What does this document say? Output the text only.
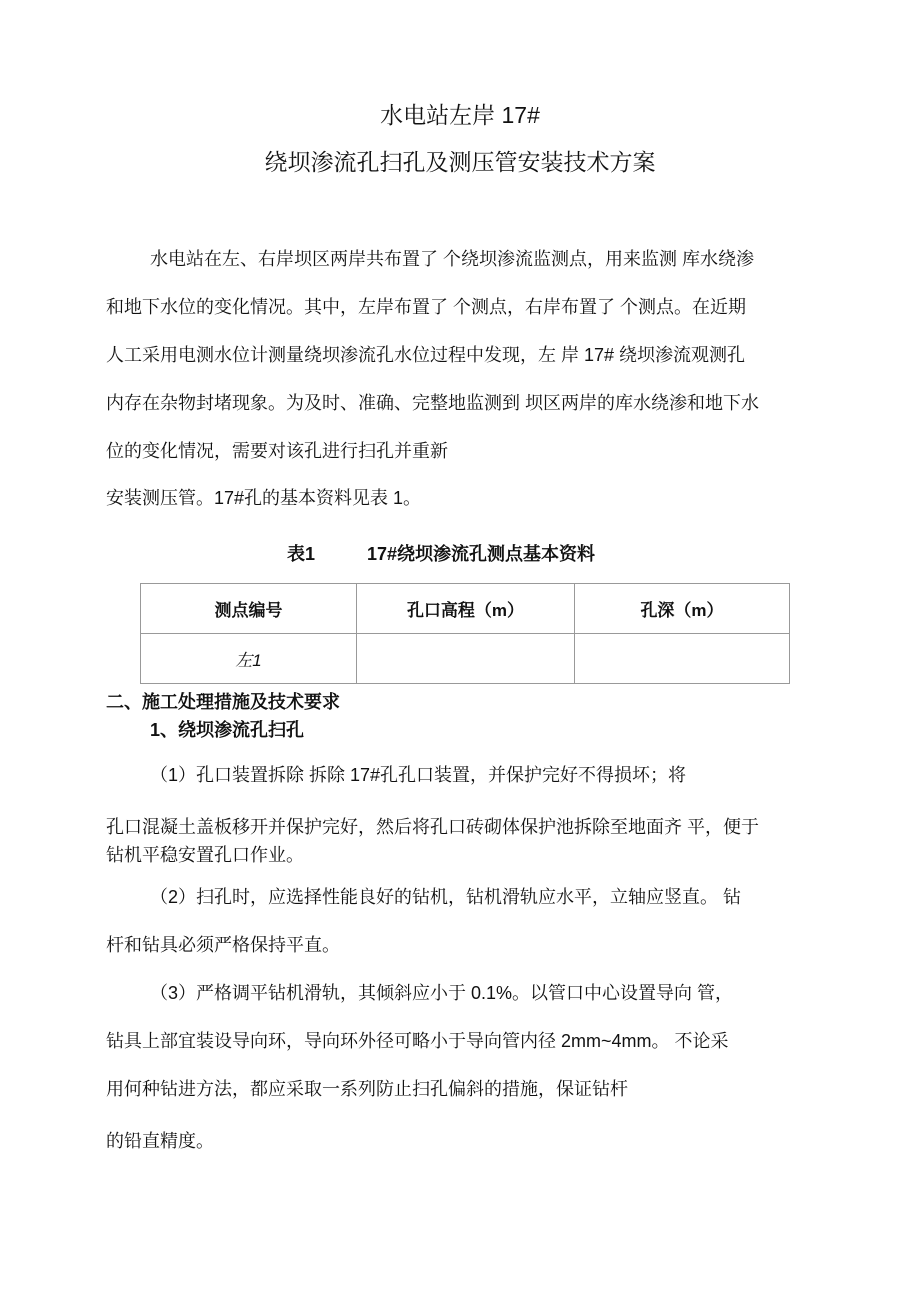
水电站左岸 17#
绕坝渗流孔扫孔及测压管安装技术方案
水电站在左、右岸坝区两岸共布置了 个绕坝渗流监测点，用来监测 库水绕渗
和地下水位的变化情况。其中，左岸布置了 个测点，右岸布置了 个测点。在近期
人工采用电测水位计测量绕坝渗流孔水位过程中发现，左 岸 17# 绕坝渗流观测孔
内存在杂物封堵现象。为及时、准确、完整地监测到 坝区两岸的库水绕渗和地下水
位的变化情况，需要对该孔进行扫孔并重新
安装测压管。17#孔的基本资料见表 1。
表1	17#绕坝渗流孔测点基本资料
测点编号	孔口高程（m）	孔深（m）
左1		
二、施工处理措施及技术要求
1、绕坝渗流孔扫孔
（1）孔口装置拆除 拆除 17#孔孔口装置，并保护完好不得损坏；将
孔口混凝土盖板移开并保护完好，然后将孔口砖砌体保护池拆除至地面齐 平，便于
钻机平稳安置孔口作业。
（2）扫孔时，应选择性能良好的钻机，钻机滑轨应水平，立轴应竖直。 钻
杆和钻具必须严格保持平直。
（3）严格调平钻机滑轨，其倾斜应小于 0.1%。以管口中心设置导向 管，
钻具上部宜装设导向环，导向环外径可略小于导向管内径 2mm~4mm。 不论采
用何种钻进方法，都应采取一系列防止扫孔偏斜的措施，保证钻杆
的铅直精度。
